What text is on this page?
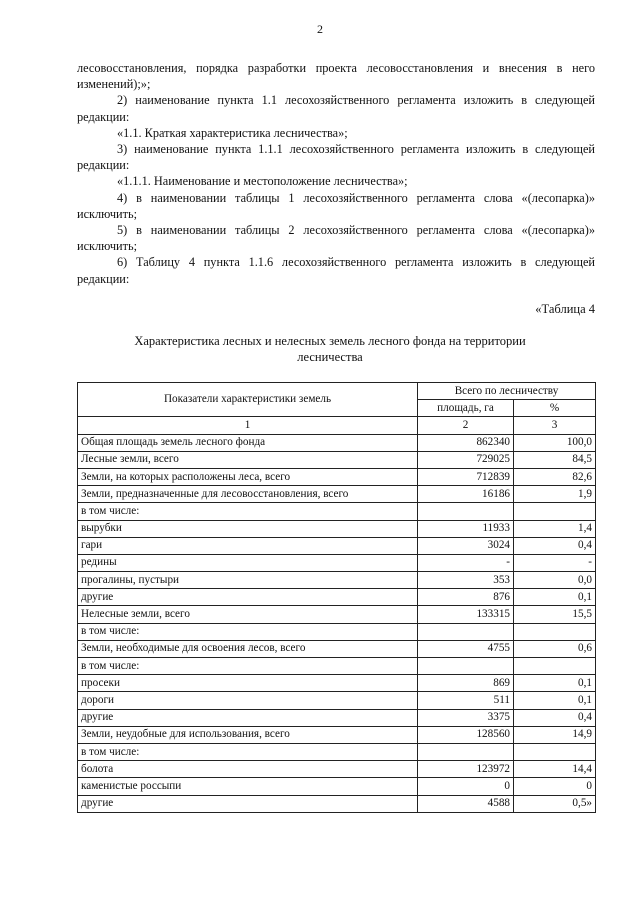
2

лесовосстановления, порядка разработки проекта лесовосстановления и внесения в него изменений);»;

2) наименование пункта 1.1 лесохозяйственного регламента изложить в следующей редакции:

«1.1. Краткая характеристика лесничества»;

3) наименование пункта 1.1.1 лесохозяйственного регламента изложить в следующей редакции:

«1.1.1. Наименование и местоположение лесничества»;

4) в наименовании таблицы 1 лесохозяйственного регламента слова «(лесопарка)» исключить;

5) в наименовании таблицы 2 лесохозяйственного регламента слова «(лесопарка)» исключить;

6) Таблицу 4 пункта 1.1.6 лесохозяйственного регламента изложить в следующей редакции:

«Таблица 4
Характеристика лесных и нелесных земель лесного фонда на территории лесничества
Показатели характеристики земель	Всего по лесничеству	
	площадь, га	%
1	2	3
Общая площадь земель лесного фонда	862340	100,0
Лесные земли, всего	729025	84,5
Земли, на которых расположены леса, всего	712839	82,6
Земли, предназначенные для лесовосстановления, всего	16186	1,9
в том числе:		
вырубки	11933	1,4
гари	3024	0,4
редины	-	-
прогалины, пустыри	353	0,0
другие	876	0,1
Нелесные земли, всего	133315	15,5
в том числе:		
Земли, необходимые для освоения лесов, всего	4755	0,6
в том числе:		
просеки	869	0,1
дороги	511	0,1
другие	3375	0,4
Земли, неудобные для использования, всего	128560	14,9
в том числе:		
болота	123972	14,4
каменистые россыпи	0	0
другие	4588	0,5»
